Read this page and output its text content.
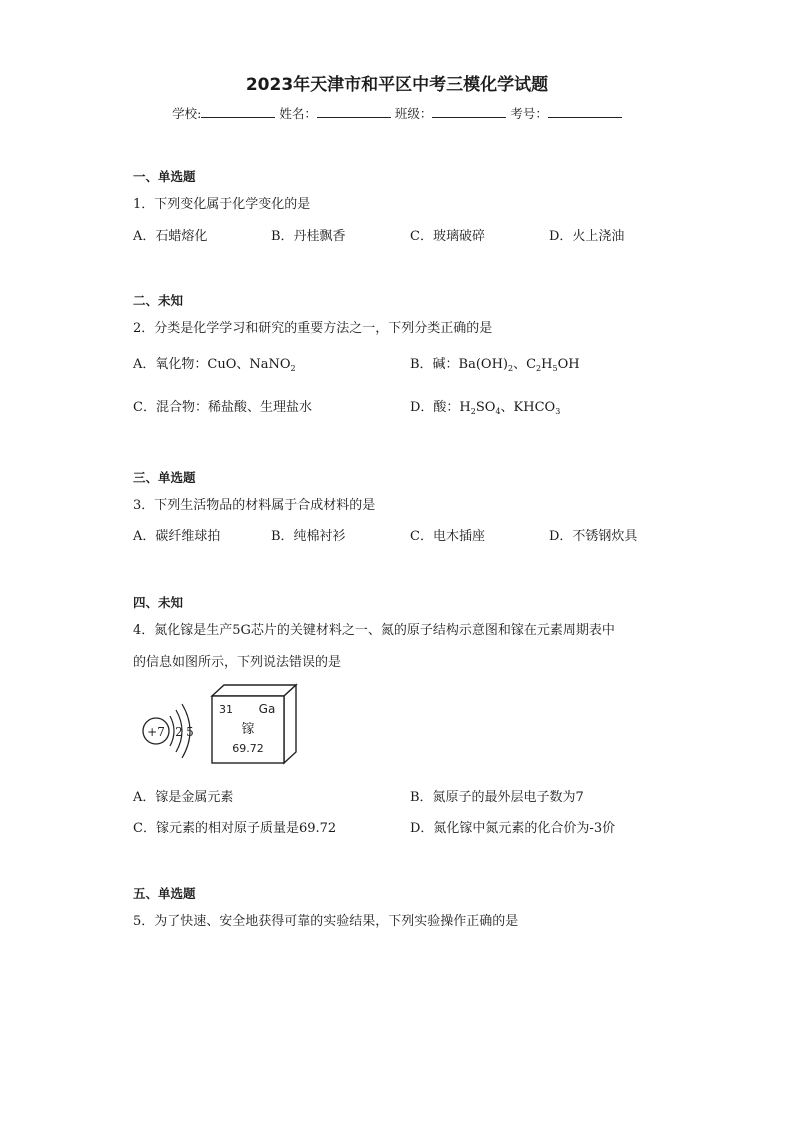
2023年天津市和平区中考三模化学试题
学校:	姓名：	班级：	考号：
一、单选题
1．下列变化属于化学变化的是
A．石蜡熔化	B．丹桂飘香	C．玻璃破碎	D．火上浇油
二、未知
2．分类是化学学习和研究的重要方法之一，下列分类正确的是
A．氧化物：CuO、NaNO$_2$	B．碱：$Ba(OH)_2$、$C_2H_5OH$
C．混合物：稀盐酸、生理盐水	D．酸：$H_2SO_4$、$KHCO_3$
三、单选题
3．下列生活物品的材料属于合成材料的是
A．碳纤维球拍	B．纯棉衬衫	C．电木插座	D．不锈钢炊具
四、未知
4．氮化镓是生产5G芯片的关键材料之一、氮的原子结构示意图和镓在元素周期表中
的信息如图所示，下列说法错误的是
+7 2 5
31 Ga
镓
69.72
A．镓是金属元素	B．氮原子的最外层电子数为7
C．镓元素的相对原子质量是69.72	D．氮化镓中氮元素的化合价为-3价
五、单选题
5．为了快速、安全地获得可靠的实验结果，下列实验操作正确的是
